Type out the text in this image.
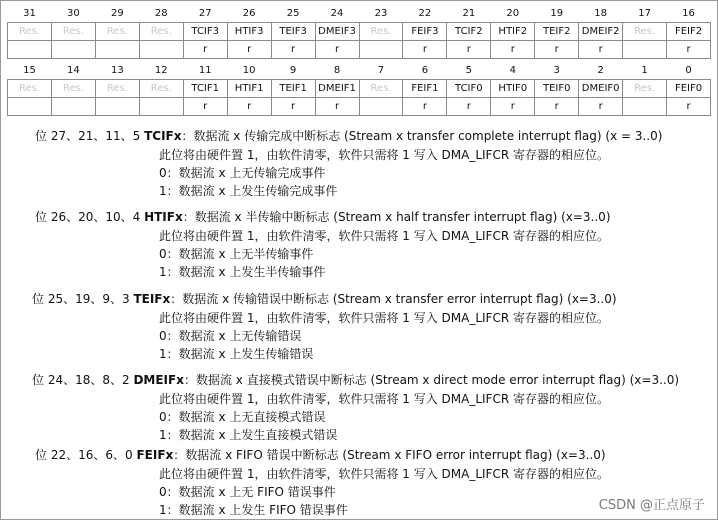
31	30	29	28	27	26	25	24	23	22	21	20	19	18	17	16
Res.	Res.	Res.	Res.	TCIF3	HTIF3	TEIF3	DMEIF3	Res.	FEIF3	TCIF2	HTIF2	TEIF2	DMEIF2	Res.	FEIF2
				r	r	r	r		r	r	r	r	r		r
15	14	13	12	11	10	9	8	7	6	5	4	3	2	1	0
Res.	Res.	Res.	Res.	TCIF1	HTIF1	TEIF1	DMEIF1	Res.	FEIF1	TCIF0	HTIF0	TEIF0	DMEIF0	Res.	FEIF0
				r	r	r	r		r	r	r	r	r		r
位 27、21、11、5 TCIFx：数据流 x 传输完成中断标志 (Stream x transfer complete interrupt flag) (x = 3..0)
此位将由硬件置 1，由软件清零，软件只需将 1 写入 DMA_LIFCR 寄存器的相应位。
0：数据流 x 上无传输完成事件
1：数据流 x 上发生传输完成事件
位 26、20、10、4 HTIFx：数据流 x 半传输中断标志 (Stream x half transfer interrupt flag) (x=3..0)
此位将由硬件置 1，由软件清零，软件只需将 1 写入 DMA_LIFCR 寄存器的相应位。
0：数据流 x 上无半传输事件
1：数据流 x 上发生半传输事件
位 25、19、9、3 TEIFx：数据流 x 传输错误中断标志 (Stream x transfer error interrupt flag) (x=3..0)
此位将由硬件置 1，由软件清零，软件只需将 1 写入 DMA_LIFCR 寄存器的相应位。
0：数据流 x 上无传输错误
1：数据流 x 上发生传输错误
位 24、18、8、2 DMEIFx：数据流 x 直接模式错误中断标志 (Stream x direct mode error interrupt flag) (x=3..0)
此位将由硬件置 1，由软件清零，软件只需将 1 写入 DMA_LIFCR 寄存器的相应位。
0：数据流 x 上无直接模式错误
1：数据流 x 上发生直接模式错误
位 22、16、6、0 FEIFx：数据流 x FIFO 错误中断标志 (Stream x FIFO error interrupt flag) (x=3..0)
此位将由硬件置 1，由软件清零，软件只需将 1 写入 DMA_LIFCR 寄存器的相应位。
0：数据流 x 上无 FIFO 错误事件
1：数据流 x 上发生 FIFO 错误事件	CSDN @正点原子
